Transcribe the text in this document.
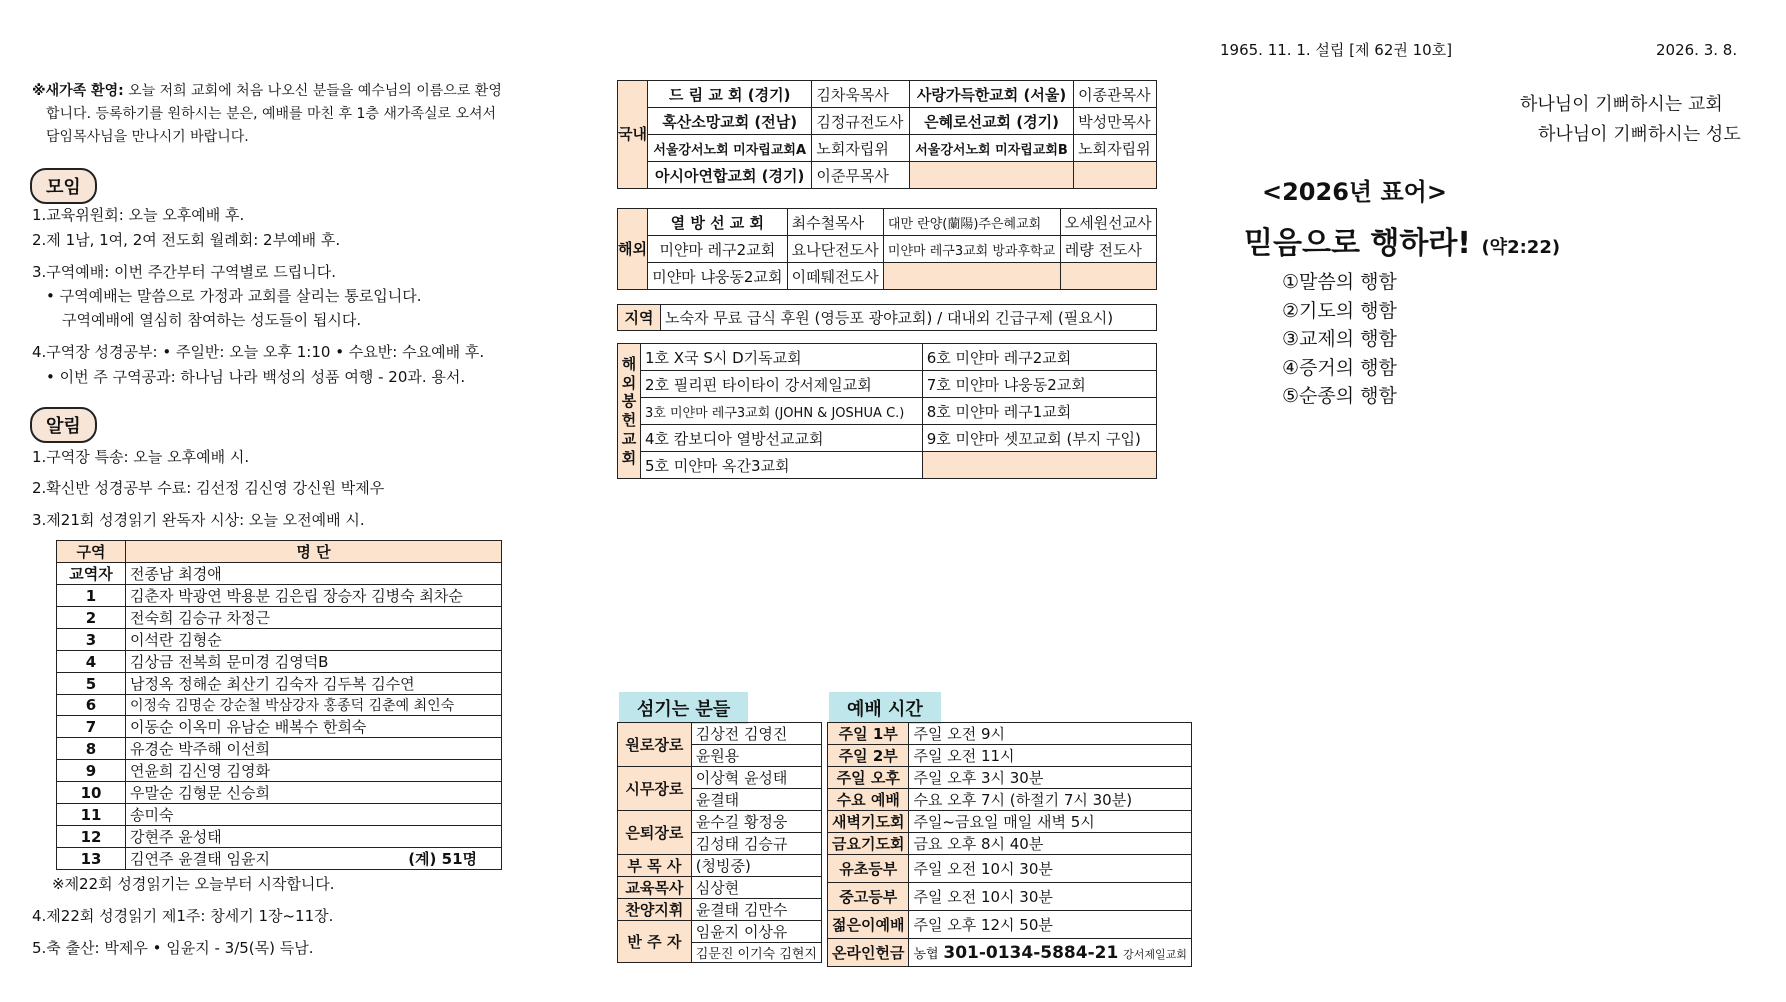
1965. 11. 1. 설립 [제 62권 10호]	2026. 3. 8.
※새가족 환영: 오늘 저희 교회에 처음 나오신 분들을 예수님의 이름으로 환영
합니다. 등록하기를 원하시는 분은, 예배를 마친 후 1층 새가족실로 오셔서
담임목사님을 만나시기 바랍니다.
모임
1.교육위원회: 오늘 오후예배 후.
2.제 1남, 1여, 2여 전도회 월례회: 2부예배 후.
3.구역예배: 이번 주간부터 구역별로 드립니다.
• 구역예배는 말씀으로 가정과 교회를 살리는 통로입니다.
구역예배에 열심히 참여하는 성도들이 됩시다.
4.구역장 성경공부: • 주일반: 오늘 오후 1:10 • 수요반: 수요예배 후.
• 이번 주 구역공과: 하나님 나라 백성의 성품 여행 - 20과. 용서.
알림
1.구역장 특송: 오늘 오후예배 시.
2.확신반 성경공부 수료: 김선정 김신영 강신원 박제우
3.제21회 성경읽기 완독자 시상: 오늘 오전예배 시.
구역	명 단
교역자	전종남 최경애
1	김춘자 박광연 박용분 김은립 장승자 김병숙 최차순
2	전숙희 김승규 차정근
3	이석란 김형순
4	김상금 전복희 문미경 김영덕B
5	남정옥 정해순 최산기 김숙자 김두복 김수연
6	이정숙 김명순 강순철 박삼강자 홍종덕 김춘예 최인숙
7	이동순 이옥미 유남순 배복수 한희숙
8	유경순 박주해 이선희
9	연윤희 김신영 김영화
10	우말순 김형문 신승희
11	송미숙
12	강현주 윤성태
13	김연주 윤결태 임윤지 (계) 51명
※제22회 성경읽기는 오늘부터 시작합니다.
4.제22회 성경읽기 제1주: 창세기 1장~11장.
5.축 출산: 박제우 • 임윤지 - 3/5(목) 득남.
국내	드 림 교 회 (경기)	김차욱목사	사랑가득한교회 (서울)	이종관목사
	혹산소망교회 (전남)	김정규전도사	은혜로선교회 (경기)	박성만목사
	서울강서노회 미자립교회A	노회자립위	서울강서노회 미자립교회B	노회자립위
	아시아연합교회 (경기)	이준무목사		
해외	열 방 선 교 회	최수철목사	대만 란양(蘭陽)주은혜교회	오세원선교사
	미얀마 레구2교회	요나단전도사	미얀마 레구3교회 방과후학교	레량 전도사
	미얀마 냐웅동2교회	이떼퉤전도사		
지역	노숙자 무료 급식 후원 (영등포 광야교회) / 대내외 긴급구제 (필요시)
해외봉헌교회	1호 X국 S시 D기독교회	6호 미얀마 레구2교회
	2호 필리핀 타이타이 강서제일교회	7호 미얀마 냐웅동2교회
	3호 미얀마 레구3교회 (JOHN & JOSHUA C.)	8호 미얀마 레구1교회
	4호 캄보디아 열방선교교회	9호 미얀마 셋꼬교회 (부지 구입)
	5호 미얀마 옥간3교회	
하나님이 기뻐하시는 교회
하나님이 기뻐하시는 성도
<2026년 표어>
믿음으로 행하라! (약2:22)
①말씀의 행함
②기도의 행함
③교제의 행함
④증거의 행함
⑤순종의 행함
섬기는 분들
원로장로	김상전 김영진
	윤원용
시무장로	이상혁 윤성태
	윤결태
은퇴장로	윤수길 황정웅
	김성태 김승규
부 목 사	(청빙중)
교육목사	심상현
찬양지휘	윤결태 김만수
반 주 자	임윤지 이상유
	김문진 이기숙 김현지
예배 시간
주일 1부	주일 오전 9시
주일 2부	주일 오전 11시
주일 오후	주일 오후 3시 30분
수요 예배	수요 오후 7시 (하절기 7시 30분)
새벽기도회	주일~금요일 매일 새벽 5시
금요기도회	금요 오후 8시 40분
유초등부	주일 오전 10시 30분
중고등부	주일 오전 10시 30분
젊은이예배	주일 오후 12시 50분
온라인헌금	농협 301-0134-5884-21 강서제일교회
